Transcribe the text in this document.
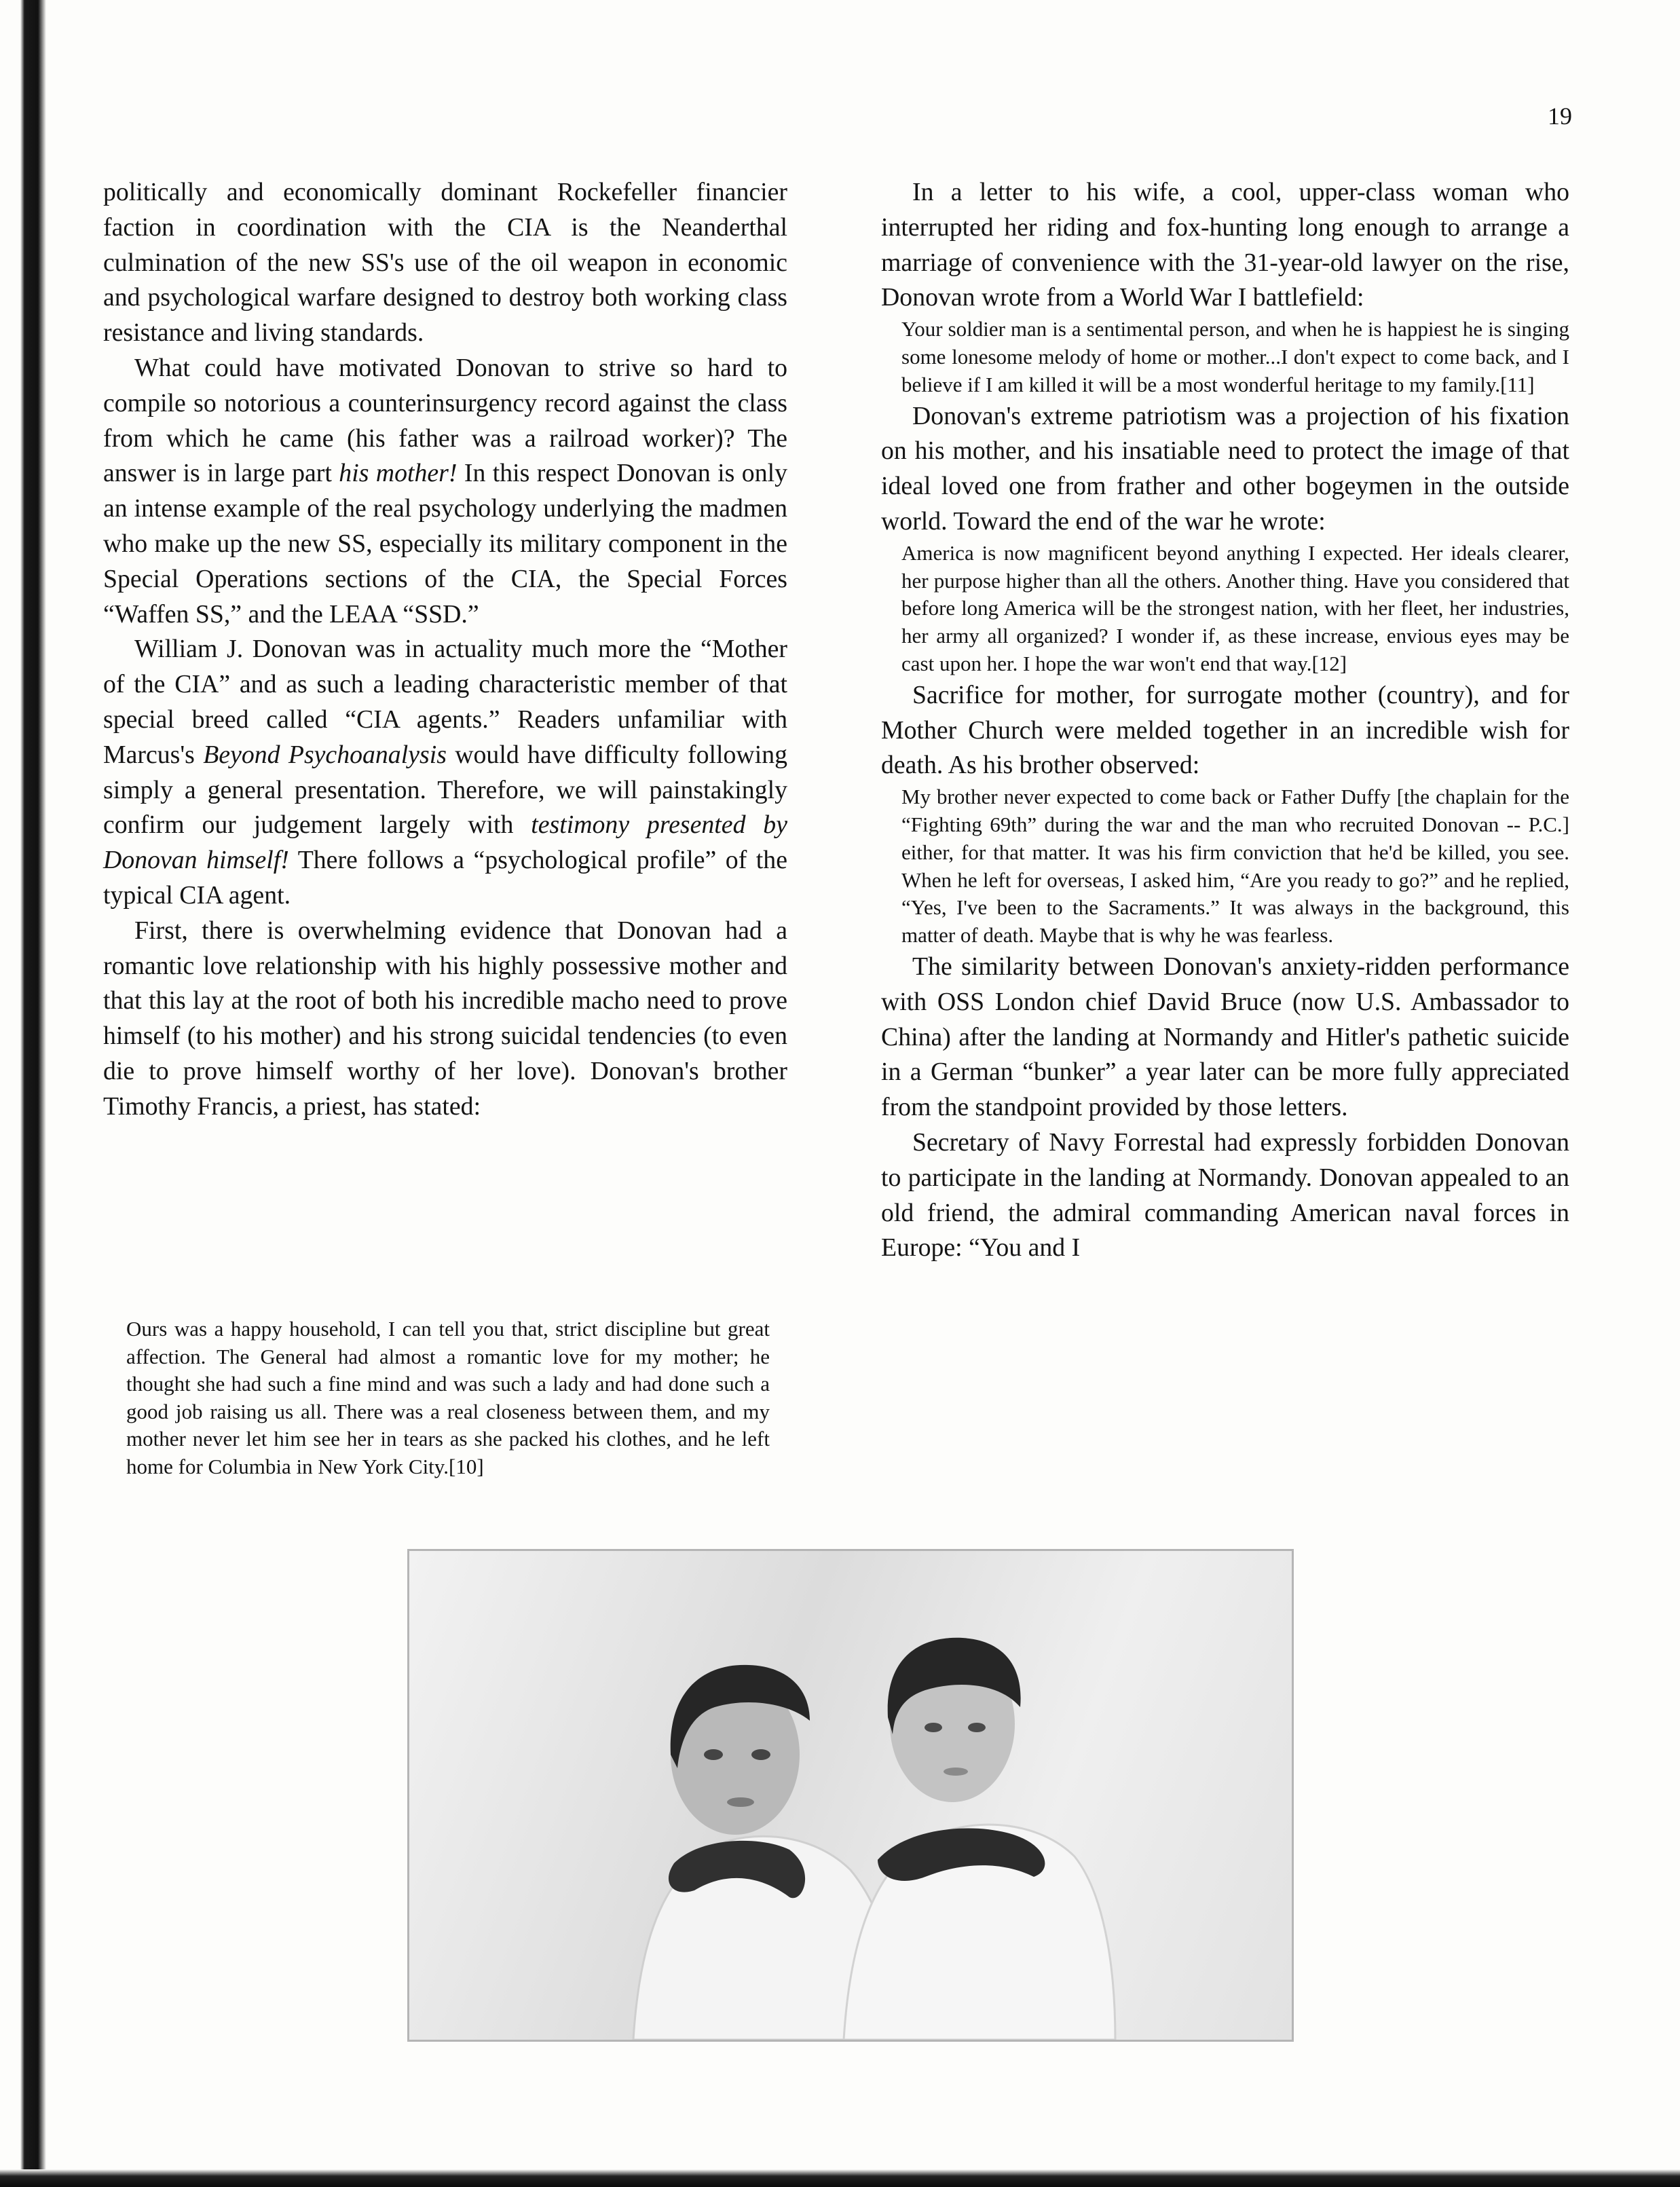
19

politically and economically dominant Rockefeller financier faction in coordination with the CIA is the Neanderthal culmination of the new SS's use of the oil weapon in economic and psychological warfare designed to destroy both working class resistance and living standards.

What could have motivated Donovan to strive so hard to compile so notorious a counterinsurgency record against the class from which he came (his father was a railroad worker)? The answer is in large part his mother! In this respect Donovan is only an intense example of the real psychology underlying the madmen who make up the new SS, especially its military component in the Special Operations sections of the CIA, the Special Forces “Waffen SS,” and the LEAA “SSD.”

William J. Donovan was in actuality much more the “Mother of the CIA” and as such a leading characteristic member of that special breed called “CIA agents.” Readers unfamiliar with Marcus's Beyond Psychoanalysis would have difficulty following simply a general presentation. Therefore, we will painstakingly confirm our judgement largely with testimony presented by Donovan himself! There follows a “psychological profile” of the typical CIA agent.

First, there is overwhelming evidence that Donovan had a romantic love relationship with his highly possessive mother and that this lay at the root of both his incredible macho need to prove himself (to his mother) and his strong suicidal tendencies (to even die to prove himself worthy of her love). Donovan's brother Timothy Francis, a priest, has stated:

Ours was a happy household, I can tell you that, strict discipline but great affection. The General had almost a romantic love for my mother; he thought she had such a fine mind and was such a lady and had done such a good job raising us all. There was a real closeness between them, and my mother never let him see her in tears as she packed his clothes, and he left home for Columbia in New York City.[10]

In a letter to his wife, a cool, upper-class woman who interrupted her riding and fox-hunting long enough to arrange a marriage of convenience with the 31-year-old lawyer on the rise, Donovan wrote from a World War I battlefield:

Your soldier man is a sentimental person, and when he is happiest he is singing some lonesome melody of home or mother...I don't expect to come back, and I believe if I am killed it will be a most wonderful heritage to my family.[11]

Donovan's extreme patriotism was a projection of his fixation on his mother, and his insatiable need to protect the image of that ideal loved one from frather and other bogeymen in the outside world. Toward the end of the war he wrote:

America is now magnificent beyond anything I expected. Her ideals clearer, her purpose higher than all the others. Another thing. Have you considered that before long America will be the strongest nation, with her fleet, her industries, her army all organized? I wonder if, as these increase, envious eyes may be cast upon her. I hope the war won't end that way.[12]

Sacrifice for mother, for surrogate mother (country), and for Mother Church were melded together in an incredible wish for death. As his brother observed:

My brother never expected to come back or Father Duffy [the chaplain for the “Fighting 69th” during the war and the man who recruited Donovan -- P.C.] either, for that matter. It was his firm conviction that he'd be killed, you see. When he left for overseas, I asked him, “Are you ready to go?” and he replied, “Yes, I've been to the Sacraments.” It was always in the background, this matter of death. Maybe that is why he was fearless.

The similarity between Donovan's anxiety-ridden performance with OSS London chief David Bruce (now U.S. Ambassador to China) after the landing at Normandy and Hitler's pathetic suicide in a German “bunker” a year later can be more fully appreciated from the standpoint provided by those letters.

Secretary of Navy Forrestal had expressly forbidden Donovan to participate in the landing at Normandy. Donovan appealed to an old friend, the admiral commanding American naval forces in Europe: “You and I
